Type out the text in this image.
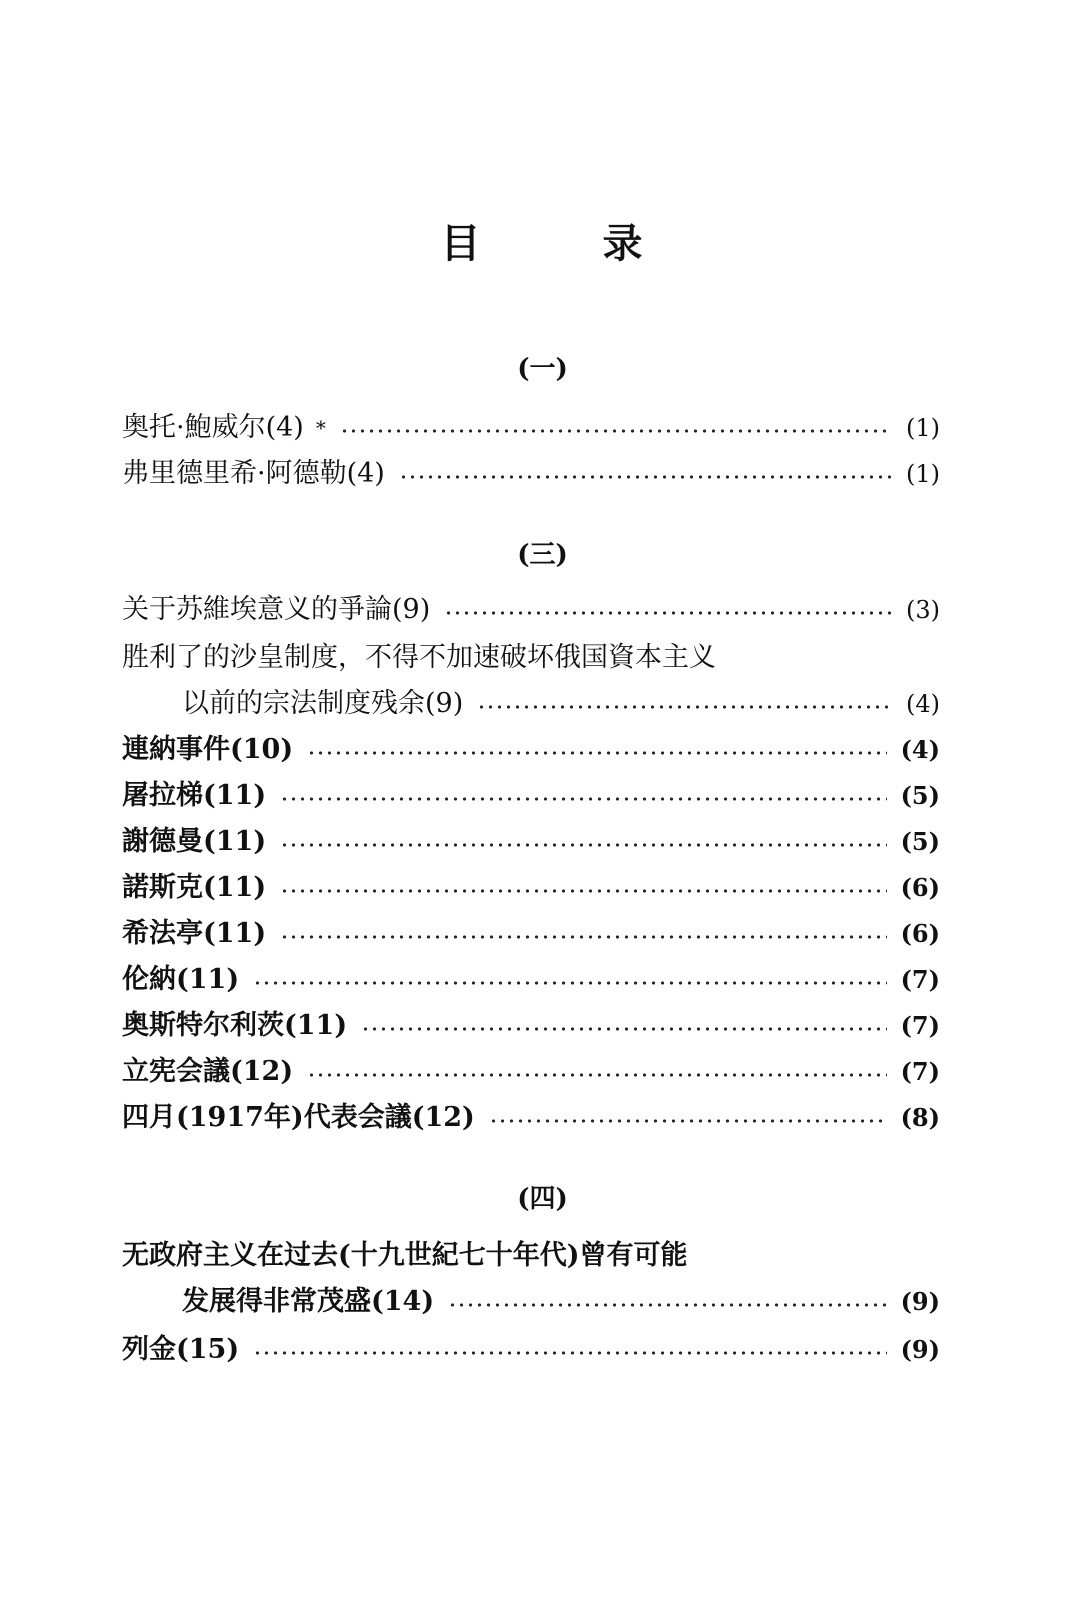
目	录
(一)
奥托·鮑威尔(4) *	(1)
弗里德里希·阿德勒(4)	(1)
(三)
关于苏維埃意义的爭論(9)	(3)
胜利了的沙皇制度，不得不加速破坏俄国資本主义
以前的宗法制度残余(9)	(4)
連納事件(10)	(4)
屠拉梯(11)	(5)
謝德曼(11)	(5)
諾斯克(11)	(6)
希法亭(11)	(6)
伦納(11)	(7)
奥斯特尔利茨(11)	(7)
立宪会議(12)	(7)
四月(1917年)代表会議(12)	(8)
(四)
无政府主义在过去(十九世紀七十年代)曾有可能
发展得非常茂盛(14)	(9)
列金(15)	(9)
